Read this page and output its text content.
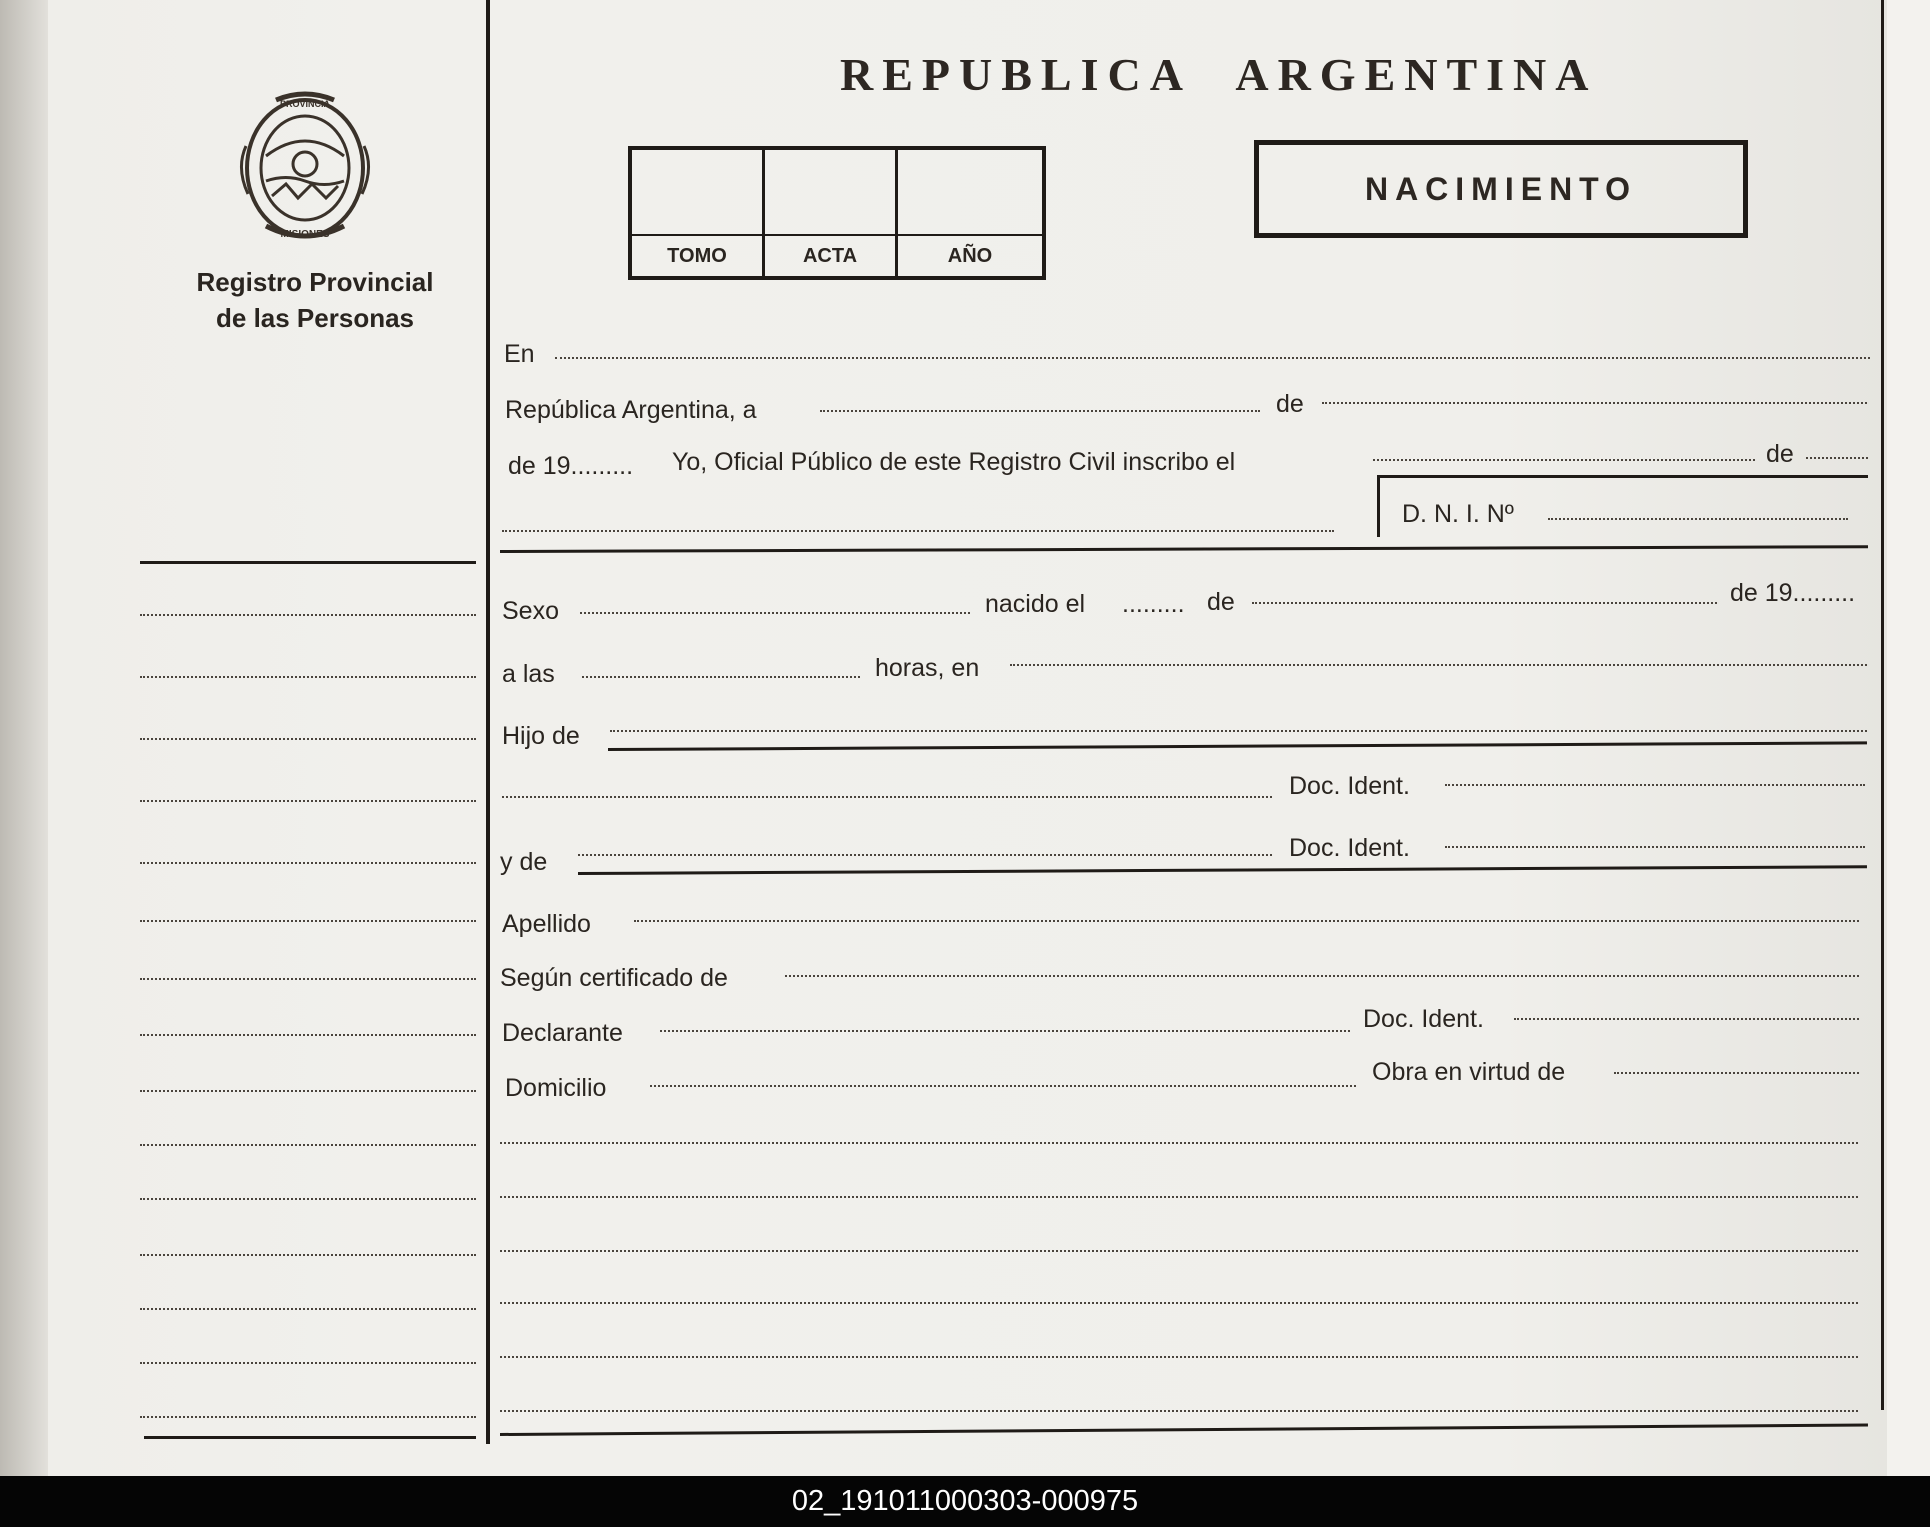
PROVINCIA
MISIONES
Registro Provincial
de las Personas
REPUBLICA ARGENTINA
TOMO	ACTA	AÑO
NACIMIENTO
En
República Argentina, a	de
de 19......... Yo, Oficial Público de este Registro Civil inscribo el	de
D. N. I. Nº
Sexo	nacido el ......... de	de 19.........
a las	horas, en
Hijo de
Doc. Ident.
y de	Doc. Ident.
Apellido
Según certificado de
Declarante	Doc. Ident.
Domicilio
Obra en virtud de
02_191011000303-000975
